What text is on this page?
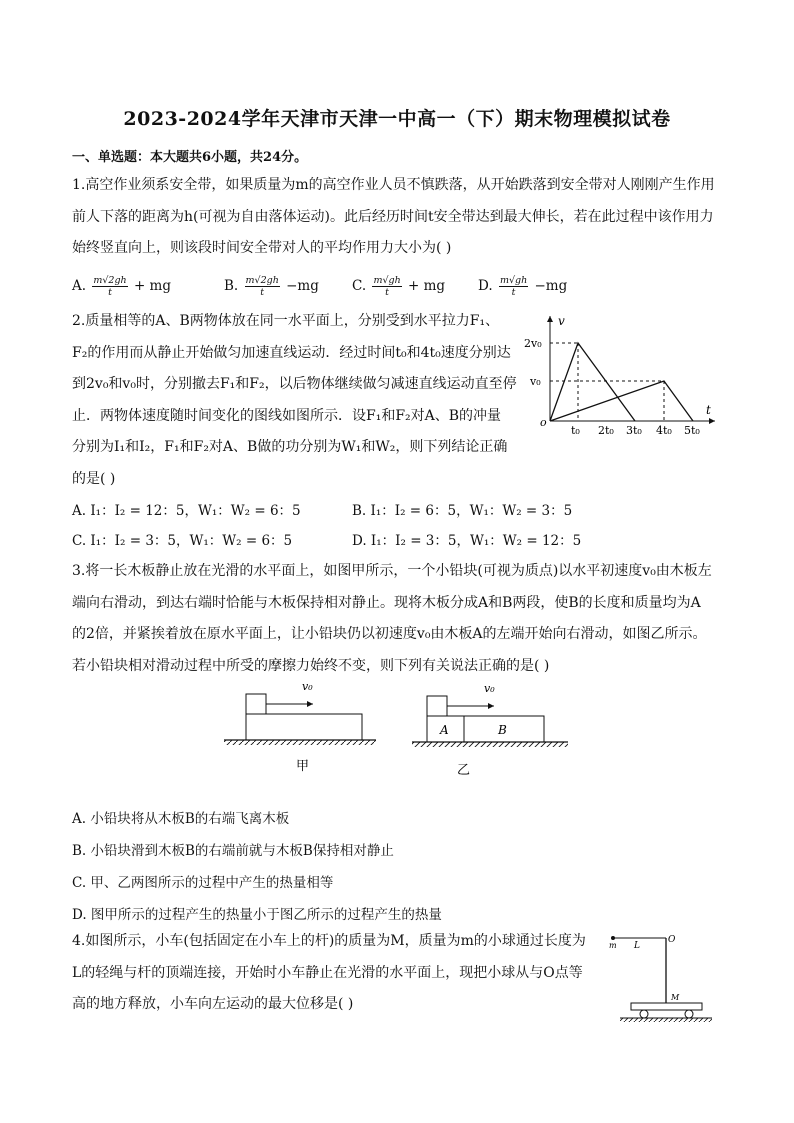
2023-2024学年天津市天津一中高一（下）期末物理模拟试卷
一、单选题：本大题共6小题，共24分。
1.高空作业须系安全带，如果质量为m的高空作业人员不慎跌落，从开始跌落到安全带对人刚刚产生作用
前人下落的距离为h(可视为自由落体运动)。此后经历时间t安全带达到最大伸长，若在此过程中该作用力
始终竖直向上，则该段时间安全带对人的平均作用力大小为( )
A. $\frac{m√2gh}{t}$ + mg	B. $\frac{m√2gh}{t} -mg$ C. $\frac{m√gh}{t}$ + mg D. $\frac{m√gh}{t} -mg$
2.质量相等的A、B两物体放在同一水平面上，分别受到水平拉力F₁、
F₂的作用而从静止开始做匀加速直线运动．经过时间t₀和4t₀速度分别达
到2v₀和v₀时，分别撤去F₁和F₂，以后物体继续做匀减速直线运动直至停
止．两物体速度随时间变化的图线如图所示．设F₁和F₂对A、B的冲量
分别为I₁和I₂，F₁和F₂对A、B做的功分别为W₁和W₂，则下列结论正确
的是( )
v
t
o
2v₀
v₀
t₀ 2t₀ 3t₀ 4t₀ 5t₀
A. I₁：I₂ = 12：5，W₁：W₂ = 6：5	B. I₁：I₂ = 6：5，W₁：W₂ = 3：5
C. I₁：I₂ = 3：5，W₁：W₂ = 6：5	D. I₁：I₂ = 3：5，W₁：W₂ = 12：5
3.将一长木板静止放在光滑的水平面上，如图甲所示，一个小铅块(可视为质点)以水平初速度v₀由木板左
端向右滑动，到达右端时恰能与木板保持相对静止。现将木板分成A和B两段，使B的长度和质量均为A
的2倍，并紧挨着放在原水平面上，让小铅块仍以初速度v₀由木板A的左端开始向右滑动，如图乙所示。
若小铅块相对滑动过程中所受的摩擦力始终不变，则下列有关说法正确的是( )
v₀
甲
v₀
A	B
乙
A. 小铅块将从木板B的右端飞离木板
B. 小铅块滑到木板B的右端前就与木板B保持相对静止
C. 甲、乙两图所示的过程中产生的热量相等
D. 图甲所示的过程产生的热量小于图乙所示的过程产生的热量
4.如图所示，小车(包括固定在小车上的杆)的质量为M，质量为m的小球通过长度为
L的轻绳与杆的顶端连接，开始时小车静止在光滑的水平面上，现把小球从与O点等
高的地方释放，小车向左运动的最大位移是( )
m L
O
M
